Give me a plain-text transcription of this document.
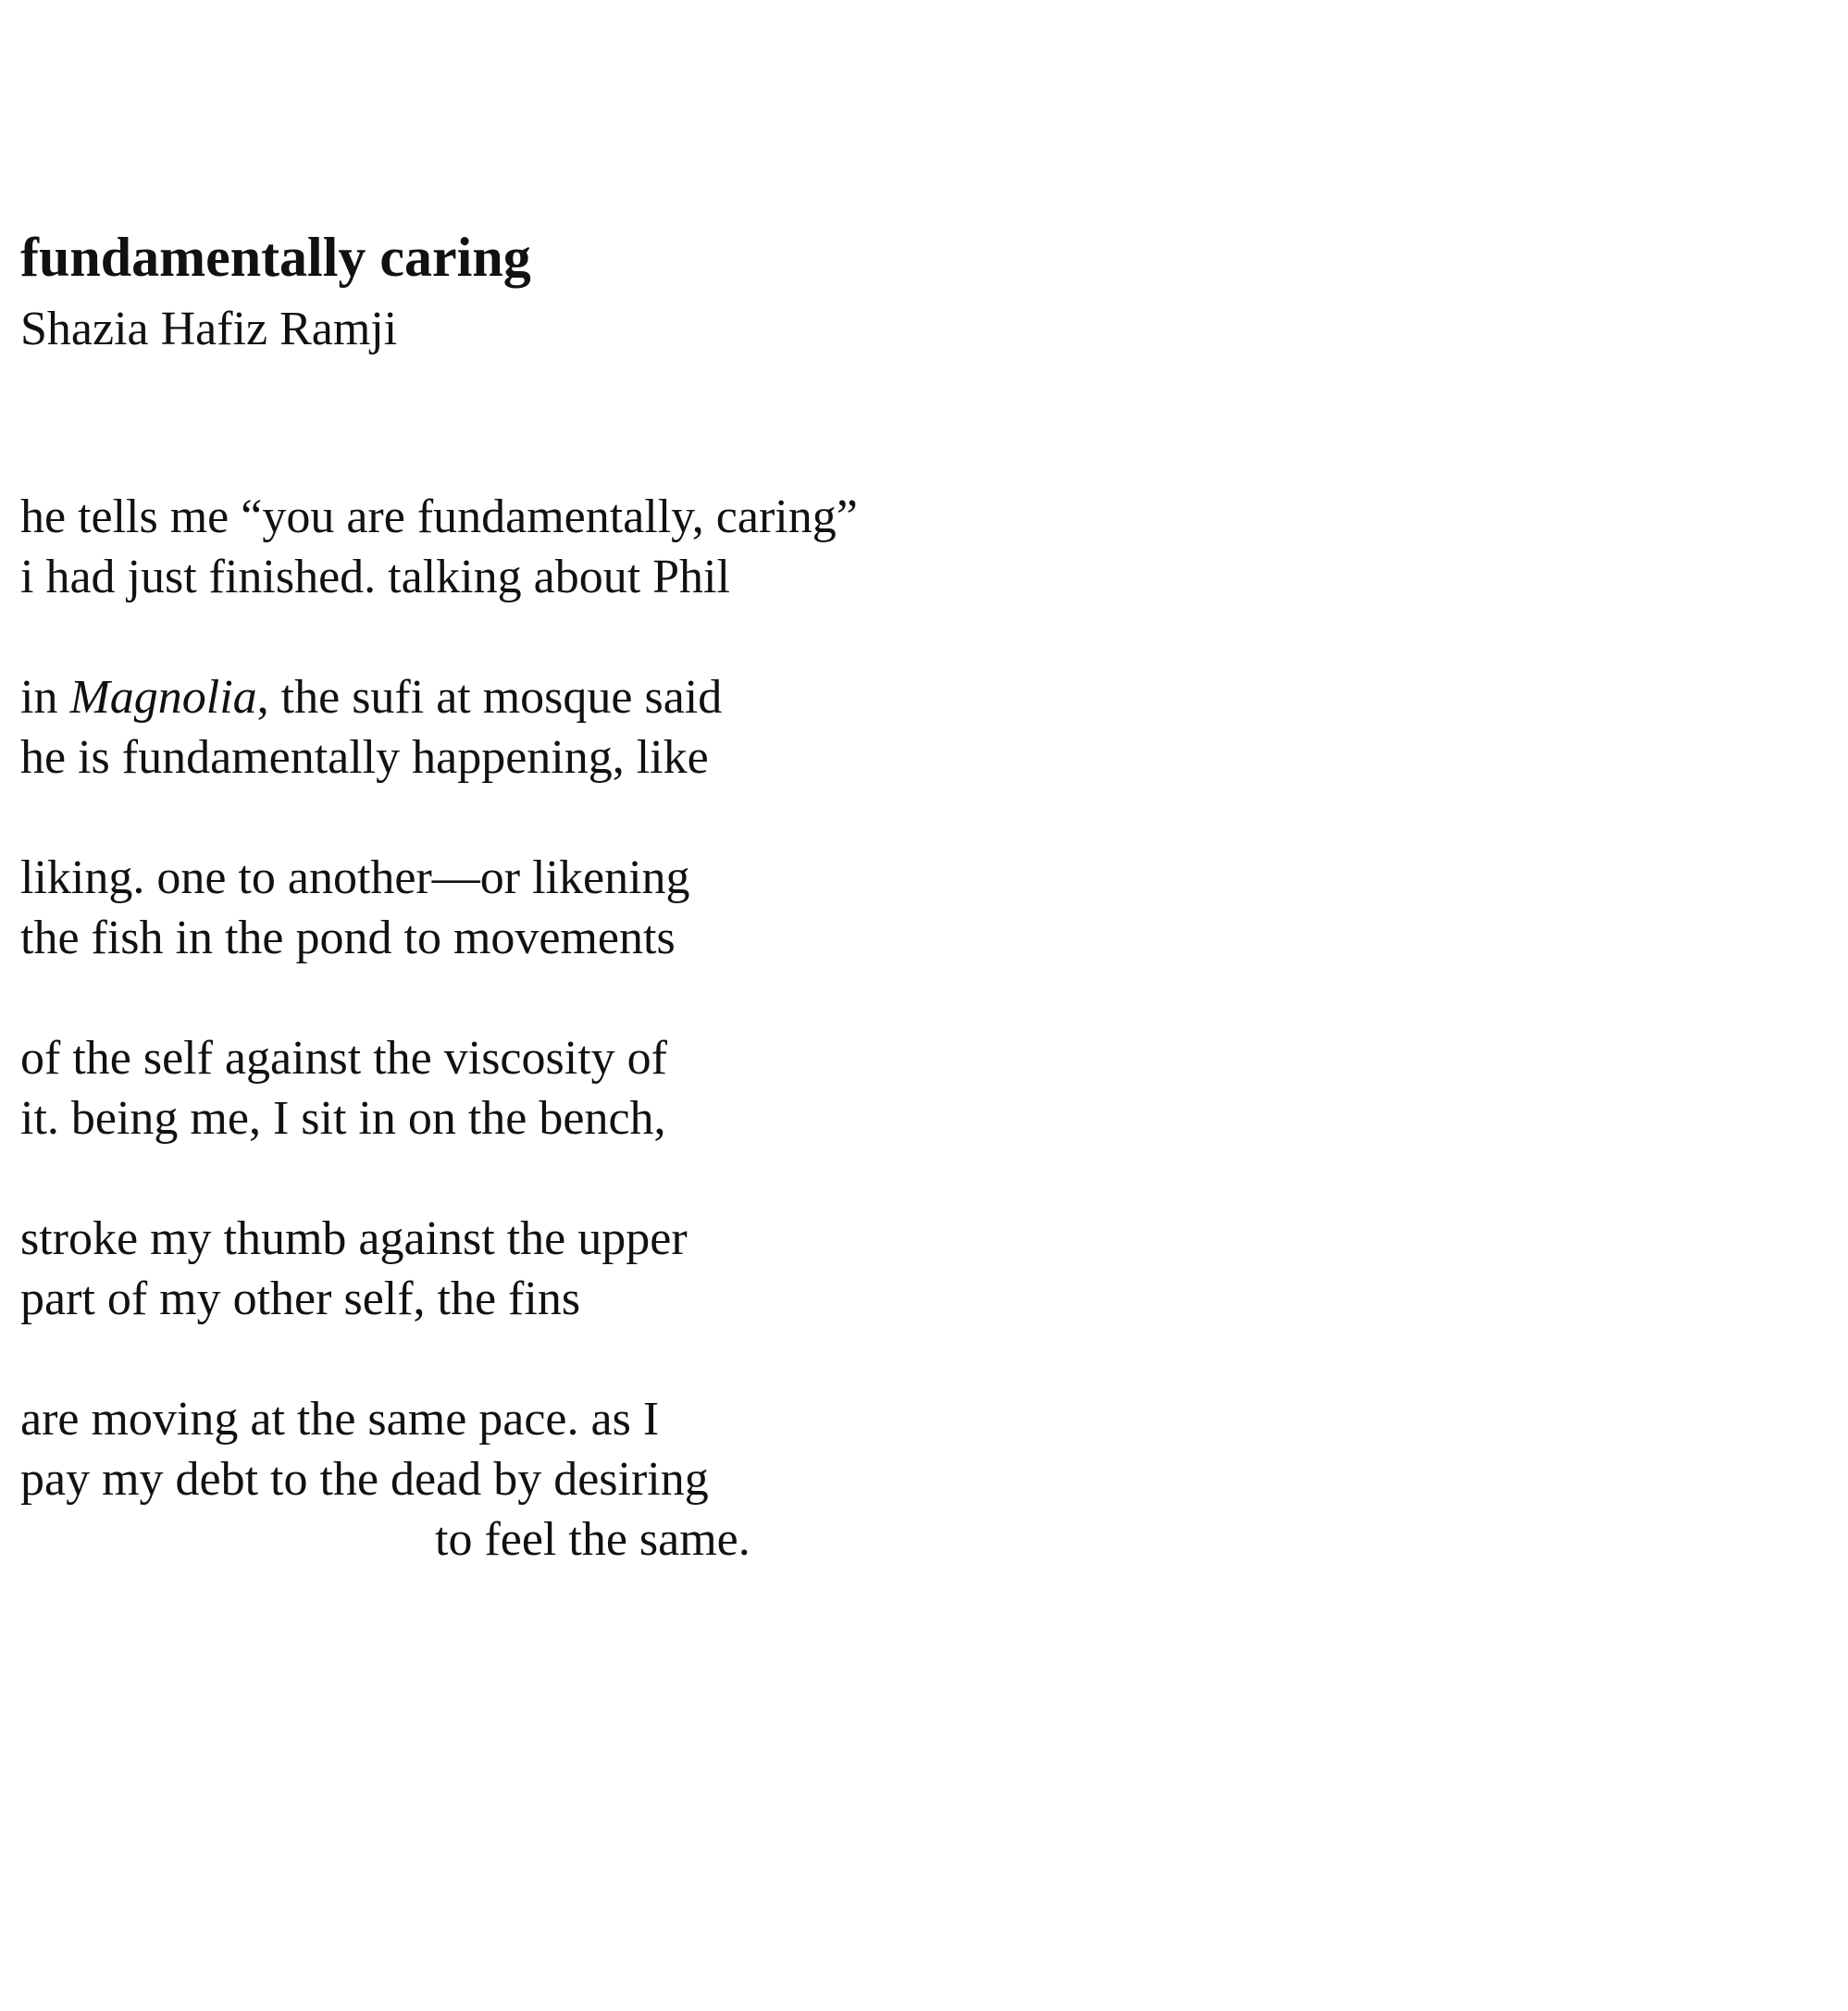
fundamentally caring
Shazia Hafiz Ramji
he tells me “you are fundamentally, caring”
i had just finished. talking about Phil
in Magnolia, the sufi at mosque said
he is fundamentally happening, like
liking. one to another—or likening
the fish in the pond to movements
of the self against the viscosity of
it. being me, I sit in on the bench,
stroke my thumb against the upper
part of my other self, the fins
are moving at the same pace. as I
pay my debt to the dead by desiring
to feel the same.
